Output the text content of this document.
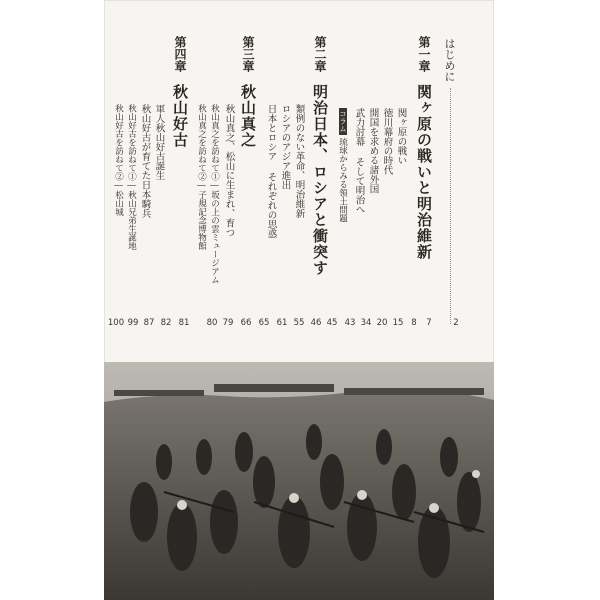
はじめに
第一章
関ヶ原の戦いと明治維新
関ヶ原の戦い
徳川幕府の時代
開国を求める諸外国
武力討幕 そして明治へ
コラム琉球からみる領土問題
第二章
明治日本、ロシアと衝突す
類例のない革命、明治維新
ロシアのアジア進出
日本とロシア それぞれの思惑
第三章
秋山真之
秋山真之、松山に生まれ、育つ
秋山真之を訪ねて①―坂の上の雲ミュージアム
秋山真之を訪ねて②―子規記念博物館
第四章
秋山好古
軍人秋山好古誕生
秋山好古が育てた日本騎兵
秋山好古を訪ねて①―秋山兄弟生誕地
秋山好古を訪ねて②―松山城
2
7
8
15
20
34
43
45
46
55
61
65
66
79
80
81
82
87
99
100
